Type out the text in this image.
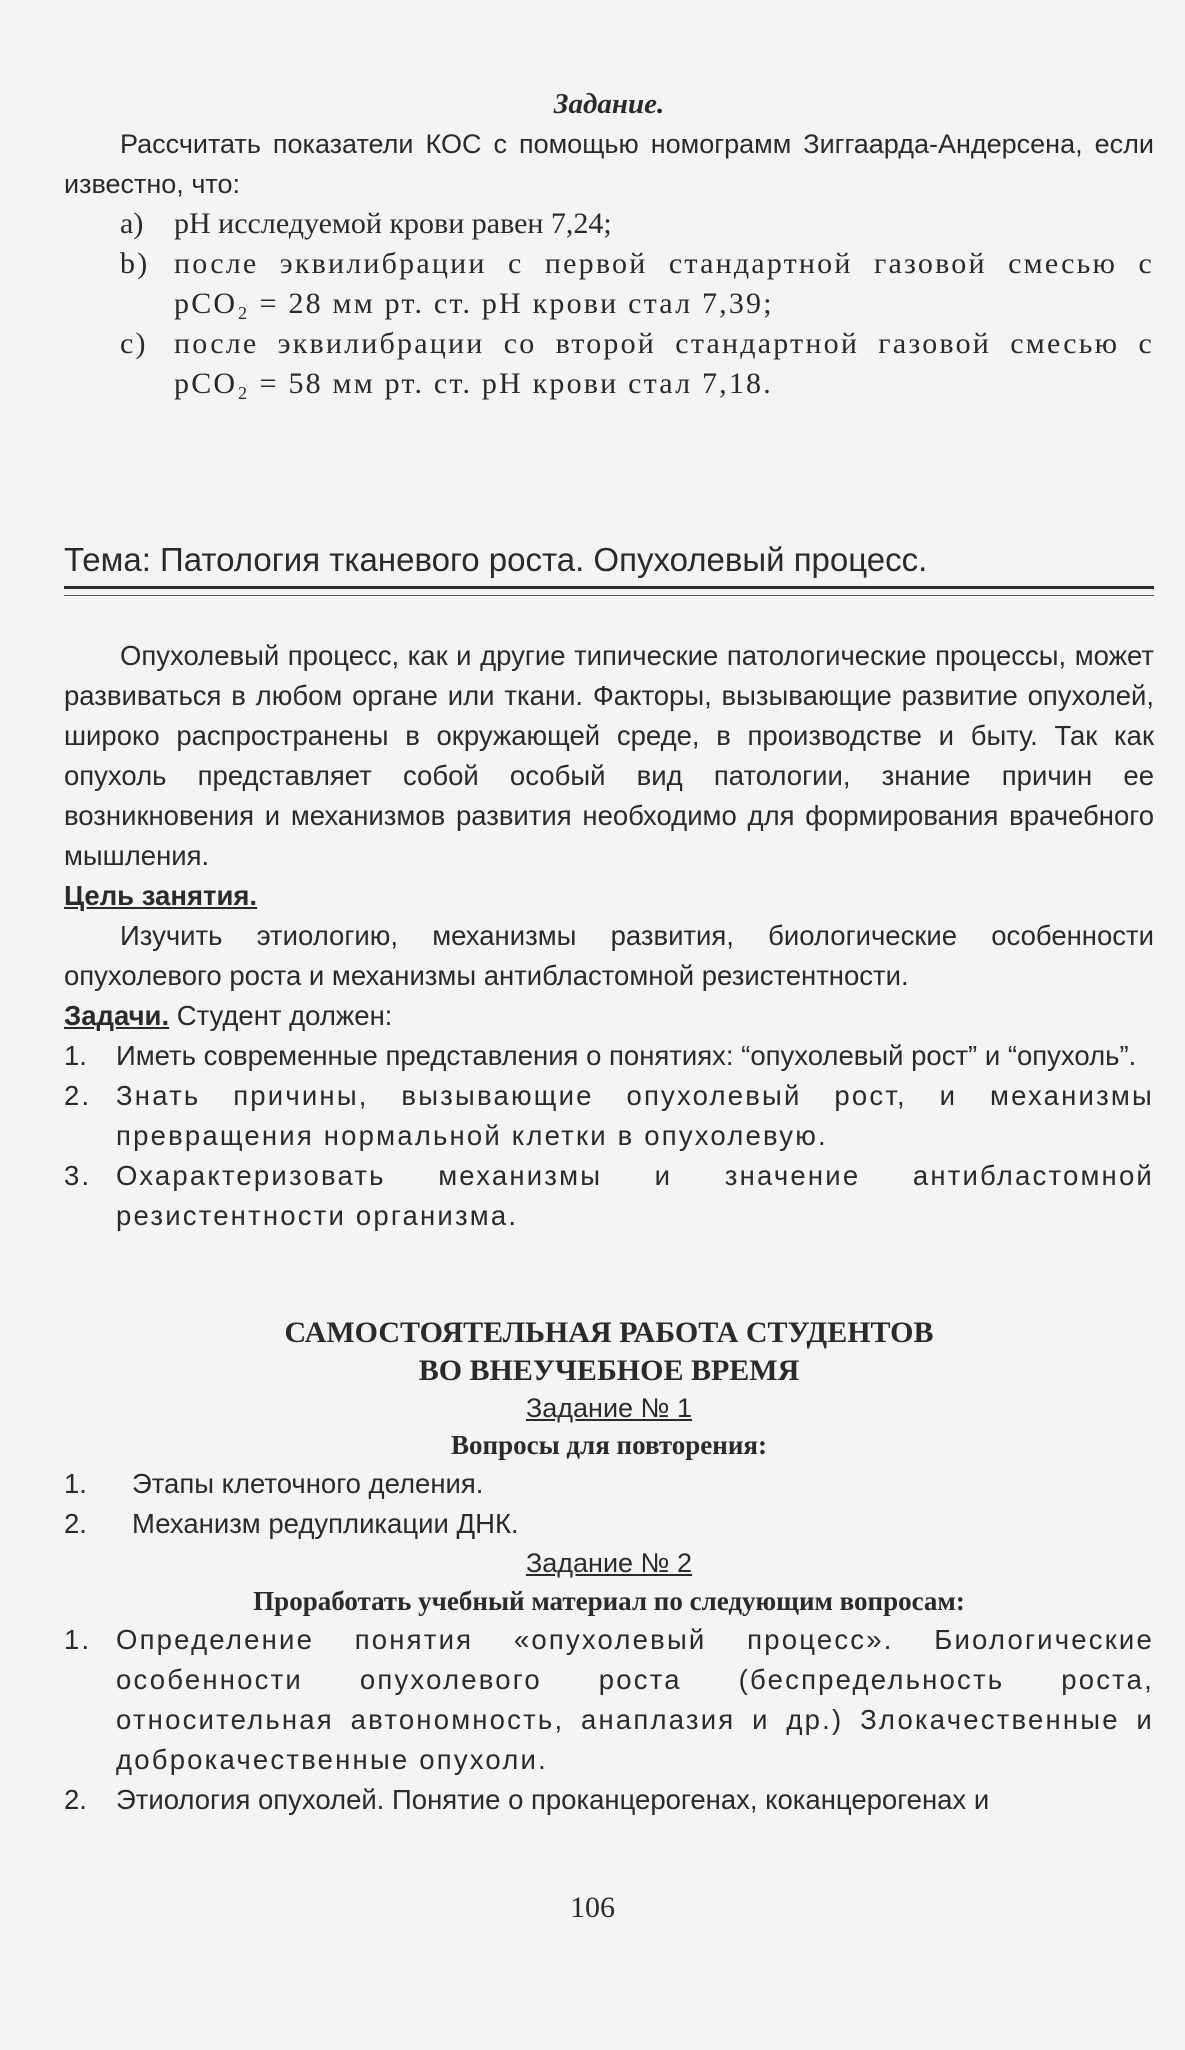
Задание.
Рассчитать показатели КОС с помощью номограмм Зиггаарда-Андерсена, если известно, что:
а) рН исследуемой крови равен 7,24;
b) после эквилибрации с первой стандартной газовой смесью с рСО₂ = 28 мм рт. ст. рН крови стал 7,39;
с) после эквилибрации со второй стандартной газовой смесью с рСО₂ = 58 мм рт. ст. рН крови стал 7,18.
Тема: Патология тканевого роста. Опухолевый процесс.
Опухолевый процесс, как и другие типические патологические процессы, может развиваться в любом органе или ткани. Факторы, вызывающие развитие опухолей, широко распространены в окружающей среде, в производстве и быту. Так как опухоль представляет собой особый вид патологии, знание причин ее возникновения и механизмов развития необходимо для формирования врачебного мышления.
Цель занятия.
Изучить этиологию, механизмы развития, биологические особенности опухолевого роста и механизмы антибластомной резистентности.
Задачи. Студент должен:
1. Иметь современные представления о понятиях: “опухолевый рост” и “опухоль”.
2. Знать причины, вызывающие опухолевый рост, и механизмы превращения нормальной клетки в опухолевую.
3. Охарактеризовать механизмы и значение антибластомной резистентности организма.
САМОСТОЯТЕЛЬНАЯ РАБОТА СТУДЕНТОВ
ВО ВНЕУЧЕБНОЕ ВРЕМЯ
Задание № 1
Вопросы для повторения:
1. Этапы клеточного деления.
2. Механизм редупликации ДНК.
Задание № 2
Проработать учебный материал по следующим вопросам:
1. Определение понятия «опухолевый процесс». Биологические особенности опухолевого роста (беспредельность роста, относительная автономность, анаплазия и др.) Злокачественные и доброкачественные опухоли.
2. Этиология опухолей. Понятие о проканцерогенах, коканцерогенах и
106
